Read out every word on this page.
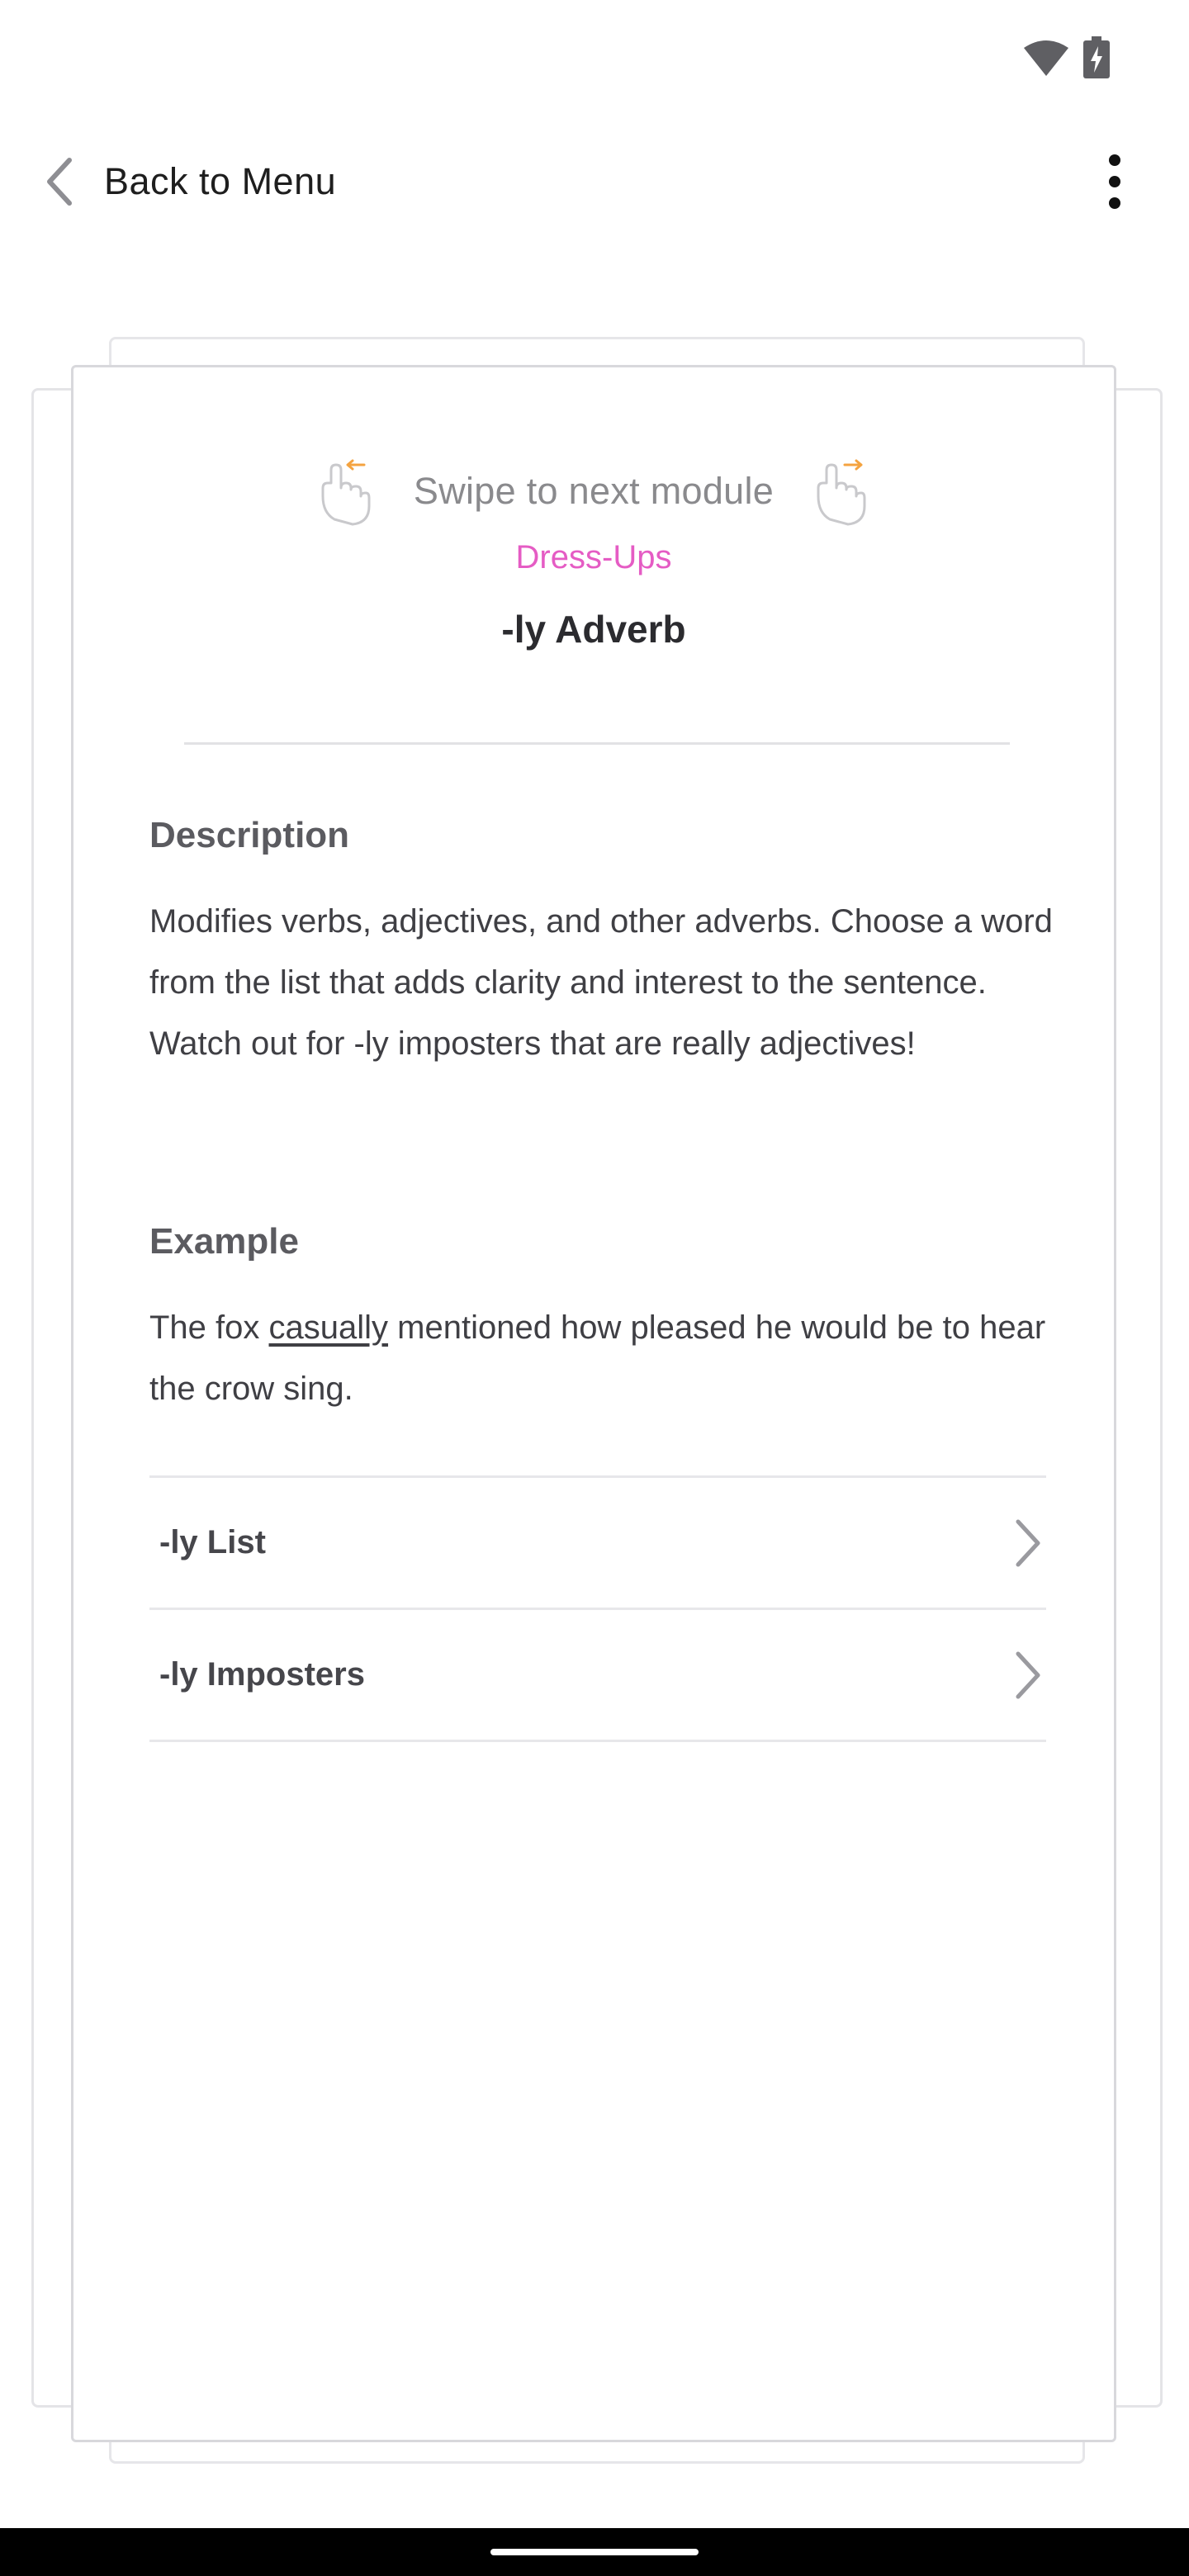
Back to Menu
Swipe to next module
Dress-Ups
-ly Adverb
Description
Modifies verbs, adjectives, and other adverbs. Choose a word from the list that adds clarity and interest to the sentence. Watch out for -ly imposters that are really adjectives!
Example
The fox casually mentioned how pleased he would be to hear the crow sing.
-ly List
-ly Imposters
